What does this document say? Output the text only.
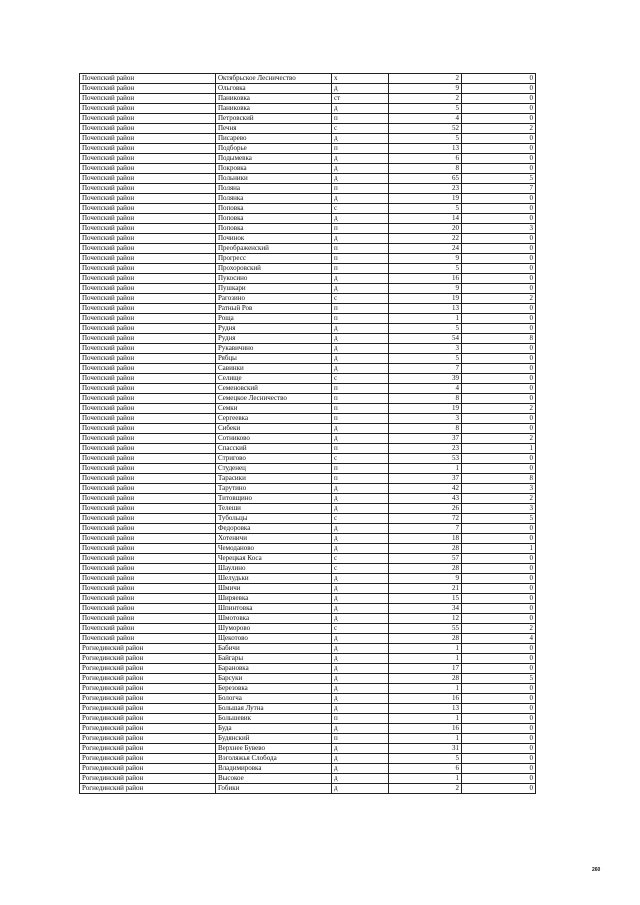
Почепский район	Октябрьское Лесничество	х	2	0
Почепский район	Ольговка	д	9	0
Почепский район	Паниковка	ст	2	0
Почепский район	Паниковка	д	5	0
Почепский район	Петровский	п	4	0
Почепский район	Печня	с	52	2
Почепский район	Писарево	д	5	0
Почепский район	Подборье	п	13	0
Почепский район	Подымевка	д	6	0
Почепский район	Покровка	д	8	0
Почепский район	Польники	д	65	5
Почепский район	Поляна	п	23	7
Почепский район	Полянка	д	19	0
Почепский район	Поповка	с	5	0
Почепский район	Поповка	д	14	0
Почепский район	Поповка	п	20	3
Почепский район	Починок	д	22	0
Почепский район	Преображенский	п	24	0
Почепский район	Прогресс	п	9	0
Почепский район	Прохоровский	п	5	0
Почепский район	Пукосино	д	16	0
Почепский район	Пушкари	д	9	0
Почепский район	Рагозино	с	19	2
Почепский район	Ратный Ров	п	13	0
Почепский район	Роща	п	1	0
Почепский район	Рудня	д	5	0
Почепский район	Рудня	д	54	8
Почепский район	Рукавичино	д	3	0
Почепский район	Рябцы	д	5	0
Почепский район	Савинки	д	7	0
Почепский район	Селище	с	39	0
Почепский район	Семеновский	п	4	0
Почепский район	Семецкое Лесничество	п	8	0
Почепский район	Семки	п	19	2
Почепский район	Сергеевка	п	3	0
Почепский район	Сибеки	д	8	0
Почепский район	Сотниково	д	37	2
Почепский район	Спасский	п	23	1
Почепский район	Стригово	с	53	0
Почепский район	Студенец	п	1	0
Почепский район	Тарасики	п	37	8
Почепский район	Тарутино	д	42	3
Почепский район	Титовщино	д	43	2
Почепский район	Телеши	д	26	3
Почепский район	Тубольцы	с	72	5
Почепский район	Федоровка	д	7	0
Почепский район	Хотеничи	д	18	0
Почепский район	Чемоданово	д	28	1
Почепский район	Черецкая Коса	с	57	0
Почепский район	Шаулино	с	28	0
Почепский район	Шелудьки	д	9	0
Почепский район	Шмичи	д	21	0
Почепский район	Ширяевка	д	15	0
Почепский район	Шпинтовка	д	34	0
Почепский район	Шмотовка	д	12	0
Почепский район	Шуморово	с	55	2
Почепский район	Щекотово	д	28	4
Рогнединский район	Бабичи	д	1	0
Рогнединский район	Байгары	д	1	0
Рогнединский район	Барановка	д	17	0
Рогнединский район	Барсуки	д	28	5
Рогнединский район	Березовка	д	1	0
Рогнединский район	Бологча	д	16	0
Рогнединский район	Большая Лутна	д	13	0
Рогнединский район	Большевик	п	1	0
Рогнединский район	Буда	д	16	0
Рогнединский район	Будянский	п	1	0
Рогнединский район	Верхнее Бувево	д	31	0
Рогнединский район	Вэголяжья Слобода	д	5	0
Рогнединский район	Владимировка	д	6	0
Рогнединский район	Высокое	д	1	0
Рогнединский район	Гобики	д	2	0
260
